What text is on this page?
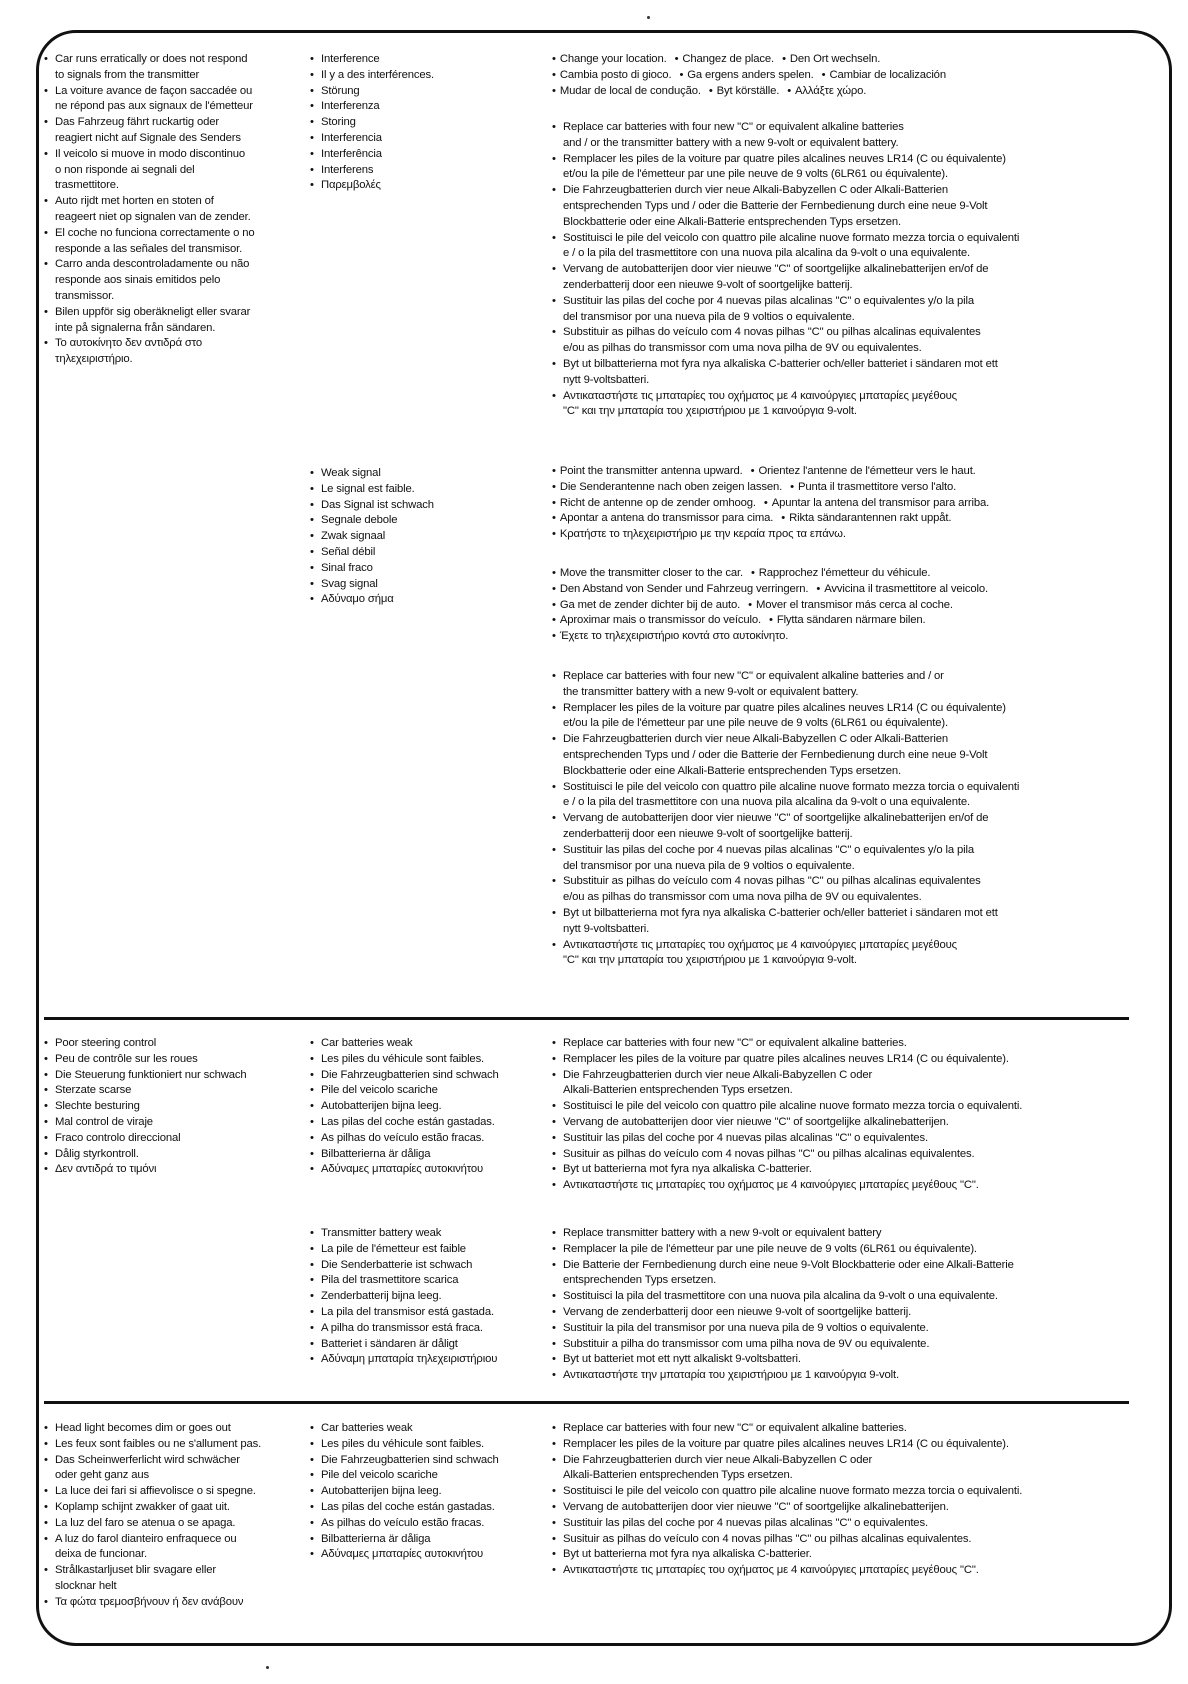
• Car runs erratically or does not respond
to signals from the transmitter
• La voiture avance de façon saccadée ou
ne répond pas aux signaux de l'émetteur
• Das Fahrzeug fährt ruckartig oder
reagiert nicht auf Signale des Senders
• Il veicolo si muove in modo discontinuo
o non risponde ai segnali del
trasmettitore.
• Auto rijdt met horten en stoten of
reageert niet op signalen van de zender.
• El coche no funciona correctamente o no
responde a las señales del transmisor.
• Carro anda descontroladamente ou não
responde aos sinais emitidos pelo
transmissor.
• Bilen uppför sig oberäkneligt eller svarar
inte på signalerna från sändaren.
• Το αυτοκίνητο δεν αντιδρά στο
τηλεχειριστήριο.
• Interference
• Il y a des interférences.
• Störung
• Interferenza
• Storing
• Interferencia
• Interferência
• Interferens
• Παρεμβολές
• Weak signal
• Le signal est faible.
• Das Signal ist schwach
• Segnale debole
• Zwak signaal
• Señal débil
• Sinal fraco
• Svag signal
• Αδύναμο σήμα
• Change your location. • Changez de place. • Den Ort wechseln.
• Cambia posto di gioco. • Ga ergens anders spelen. • Cambiar de localización
• Mudar de local de condução. • Byt körställe. • Αλλάξτε χώρο.
• Replace car batteries with four new "C" or equivalent alkaline batteries
and / or the transmitter battery with a new 9-volt or equivalent battery.
• Remplacer les piles de la voiture par quatre piles alcalines neuves LR14 (C ou équivalente)
et/ou la pile de l'émetteur par une pile neuve de 9 volts (6LR61 ou équivalente).
• Die Fahrzeugbatterien durch vier neue Alkali-Babyzellen C oder Alkali-Batterien
entsprechenden Typs und / oder die Batterie der Fernbedienung durch eine neue 9-Volt
Blockbatterie oder eine Alkali-Batterie entsprechenden Typs ersetzen.
• Sostituisci le pile del veicolo con quattro pile alcaline nuove formato mezza torcia o equivalenti
e / o la pila del trasmettitore con una nuova pila alcalina da 9-volt o una equivalente.
• Vervang de autobatterijen door vier nieuwe "C" of soortgelijke alkalinebatterijen en/of de
zenderbatterij door een nieuwe 9-volt of soortgelijke batterij.
• Sustituir las pilas del coche por 4 nuevas pilas alcalinas "C" o equivalentes y/o la pila
del transmisor por una nueva pila de 9 voltios o equivalente.
• Substituir as pilhas do veículo com 4 novas pilhas "C" ou pilhas alcalinas equivalentes
e/ou as pilhas do transmissor com uma nova pilha de 9V ou equivalentes.
• Byt ut bilbatterierna mot fyra nya alkaliska C-batterier och/eller batteriet i sändaren mot ett
nytt 9-voltsbatteri.
• Αντικαταστήστε τις μπαταρίες του οχήματος με 4 καινούργιες μπαταρίες μεγέθους
"C" και την μπαταρία του χειριστήριου με 1 καινούργια 9-volt.
• Point the transmitter antenna upward. • Orientez l'antenne de l'émetteur vers le haut.
• Die Senderantenne nach oben zeigen lassen. • Punta il trasmettitore verso l'alto.
• Richt de antenne op de zender omhoog. • Apuntar la antena del transmisor para arriba.
• Apontar a antena do transmissor para cima. • Rikta sändarantennen rakt uppåt.
• Κρατήστε το τηλεχειριστήριο με την κεραία προς τα επάνω.
• Move the transmitter closer to the car. • Rapprochez l'émetteur du véhicule.
• Den Abstand von Sender und Fahrzeug verringern. • Avvicina il trasmettitore al veicolo.
• Ga met de zender dichter bij de auto. • Mover el transmisor más cerca al coche.
• Aproximar mais o transmissor do veículo. • Flytta sändaren närmare bilen.
• Έχετε το τηλεχειριστήριο κοντά στο αυτοκίνητο.
• Replace car batteries with four new "C" or equivalent alkaline batteries and / or
the transmitter battery with a new 9-volt or equivalent battery.
• Remplacer les piles de la voiture par quatre piles alcalines neuves LR14 (C ou équivalente)
et/ou la pile de l'émetteur par une pile neuve de 9 volts (6LR61 ou équivalente).
• Die Fahrzeugbatterien durch vier neue Alkali-Babyzellen C oder Alkali-Batterien
entsprechenden Typs und / oder die Batterie der Fernbedienung durch eine neue 9-Volt
Blockbatterie oder eine Alkali-Batterie entsprechenden Typs ersetzen.
• Sostituisci le pile del veicolo con quattro pile alcaline nuove formato mezza torcia o equivalenti
e / o la pila del trasmettitore con una nuova pila alcalina da 9-volt o una equivalente.
• Vervang de autobatterijen door vier nieuwe "C" of soortgelijke alkalinebatterijen en/of de
zenderbatterij door een nieuwe 9-volt of soortgelijke batterij.
• Sustituir las pilas del coche por 4 nuevas pilas alcalinas "C" o equivalentes y/o la pila
del transmisor por una nueva pila de 9 voltios o equivalente.
• Substituir as pilhas do veículo com 4 novas pilhas "C" ou pilhas alcalinas equivalentes
e/ou as pilhas do transmissor com uma nova pilha de 9V ou equivalentes.
• Byt ut bilbatterierna mot fyra nya alkaliska C-batterier och/eller batteriet i sändaren mot ett
nytt 9-voltsbatteri.
• Αντικαταστήστε τις μπαταρίες του οχήματος με 4 καινούργιες μπαταρίες μεγέθους
"C" και την μπαταρία του χειριστήριου με 1 καινούργια 9-volt.
• Poor steering control
• Peu de contrôle sur les roues
• Die Steuerung funktioniert nur schwach
• Sterzate scarse
• Slechte besturing
• Mal control de viraje
• Fraco controlo direccional
• Dålig styrkontroll.
• Δεν αντιδρά το τιμόνι
• Car batteries weak
• Les piles du véhicule sont faibles.
• Die Fahrzeugbatterien sind schwach
• Pile del veicolo scariche
• Autobatterijen bijna leeg.
• Las pilas del coche están gastadas.
• As pilhas do veículo estão fracas.
• Bilbatterierna är dåliga
• Αδύναμες μπαταρίες αυτοκινήτου
• Transmitter battery weak
• La pile de l'émetteur est faible
• Die Senderbatterie ist schwach
• Pila del trasmettitore scarica
• Zenderbatterij bijna leeg.
• La pila del transmisor está gastada.
• A pilha do transmissor está fraca.
• Batteriet i sändaren är dåligt
• Αδύναμη μπαταρία τηλεχειριστήριου
• Replace car batteries with four new "C" or equivalent alkaline batteries.
• Remplacer les piles de la voiture par quatre piles alcalines neuves LR14 (C ou équivalente).
• Die Fahrzeugbatterien durch vier neue Alkali-Babyzellen C oder
Alkali-Batterien entsprechenden Typs ersetzen.
• Sostituisci le pile del veicolo con quattro pile alcaline nuove formato mezza torcia o equivalenti.
• Vervang de autobatterijen door vier nieuwe "C" of soortgelijke alkalinebatterijen.
• Sustituir las pilas del coche por 4 nuevas pilas alcalinas "C" o equivalentes.
• Susituir as pilhas do veículo com 4 novas pilhas "C" ou pilhas alcalinas equivalentes.
• Byt ut batterierna mot fyra nya alkaliska C-batterier.
• Αντικαταστήστε τις μπαταρίες του οχήματος με 4 καινούργιες μπαταρίες μεγέθους "C".
• Replace transmitter battery with a new 9-volt or equivalent battery
• Remplacer la pile de l'émetteur par une pile neuve de 9 volts (6LR61 ou équivalente).
• Die Batterie der Fernbedienung durch eine neue 9-Volt Blockbatterie oder eine Alkali-Batterie
entsprechenden Typs ersetzen.
• Sostituisci la pila del trasmettitore con una nuova pila alcalina da 9-volt o una equivalente.
• Vervang de zenderbatterij door een nieuwe 9-volt of soortgelijke batterij.
• Sustituir la pila del transmisor por una nueva pila de 9 voltios o equivalente.
• Substituir a pilha do transmissor com uma pilha nova de 9V ou equivalente.
• Byt ut batteriet mot ett nytt alkaliskt 9-voltsbatteri.
• Αντικαταστήστε την μπαταρία του χειριστήριου με 1 καινούργια 9-volt.
• Head light becomes dim or goes out
• Les feux sont faibles ou ne s'allument pas.
• Das Scheinwerferlicht wird schwächer
oder geht ganz aus
• La luce dei fari si affievolisce o si spegne.
• Koplamp schijnt zwakker of gaat uit.
• La luz del faro se atenua o se apaga.
• A luz do farol dianteiro enfraquece ou
deixa de funcionar.
• Strålkastarljuset blir svagare eller
slocknar helt
• Τα φώτα τρεμοσβήνουν ή δεν ανάβουν
• Car batteries weak
• Les piles du véhicule sont faibles.
• Die Fahrzeugbatterien sind schwach
• Pile del veicolo scariche
• Autobatterijen bijna leeg.
• Las pilas del coche están gastadas.
• As pilhas do veículo estão fracas.
• Bilbatterierna är dåliga
• Αδύναμες μπαταρίες αυτοκινήτου
• Replace car batteries with four new "C" or equivalent alkaline batteries.
• Remplacer les piles de la voiture par quatre piles alcalines neuves LR14 (C ou équivalente).
• Die Fahrzeugbatterien durch vier neue Alkali-Babyzellen C oder
Alkali-Batterien entsprechenden Typs ersetzen.
• Sostituisci le pile del veicolo con quattro pile alcaline nuove formato mezza torcia o equivalenti.
• Vervang de autobatterijen door vier nieuwe "C" of soortgelijke alkalinebatterijen.
• Sustituir las pilas del coche por 4 nuevas pilas alcalinas "C" o equivalentes.
• Susituir as pilhas do veículo con 4 novas pilhas "C" ou pilhas alcalinas equivalentes.
• Byt ut batterierna mot fyra nya alkaliska C-batterier.
• Αντικαταστήστε τις μπαταρίες του οχήματος με 4 καινούργιες μπαταρίες μεγέθους "C".
